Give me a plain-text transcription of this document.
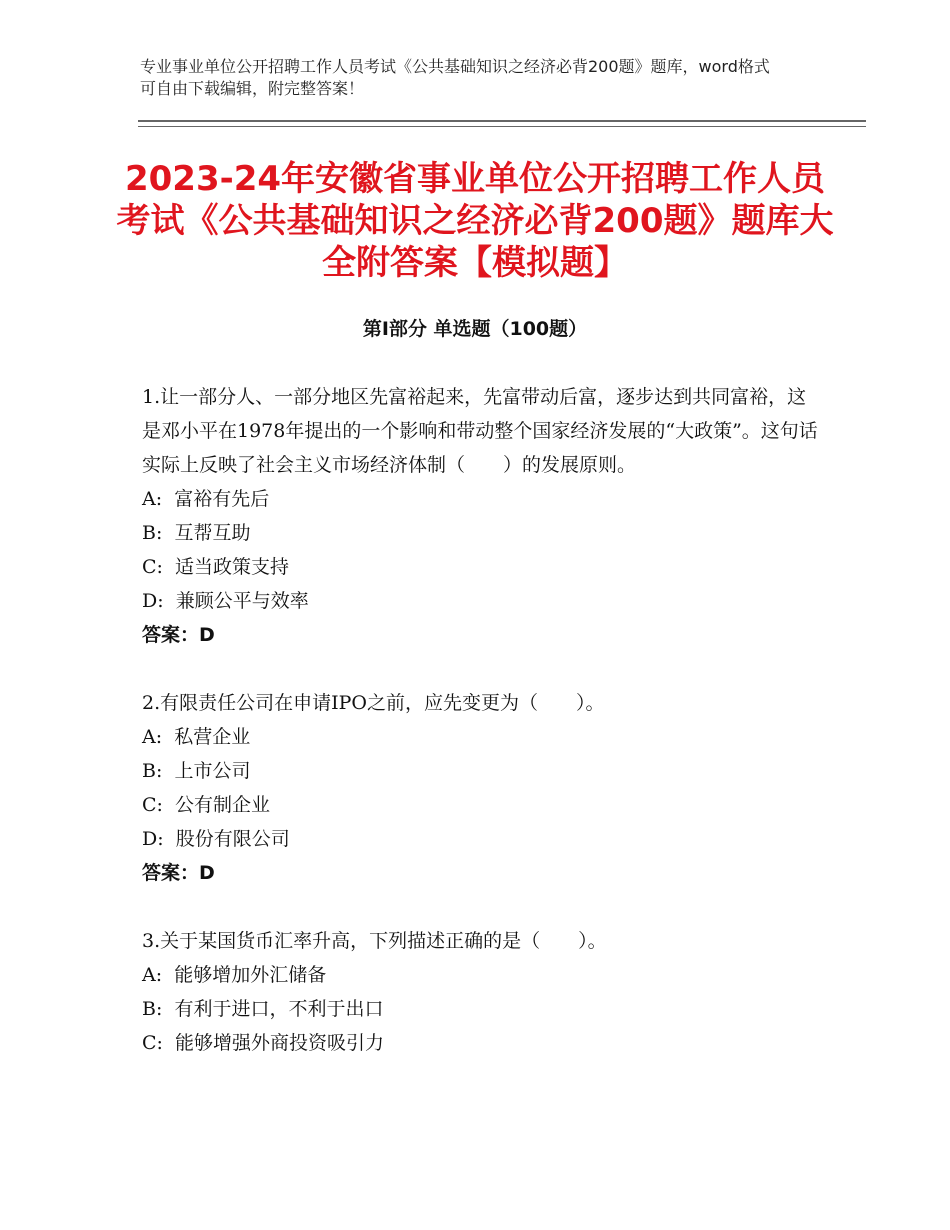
专业事业单位公开招聘工作人员考试《公共基础知识之经济必背200题》题库，word格式可自由下载编辑，附完整答案！
2023-24年安徽省事业单位公开招聘工作人员考试《公共基础知识之经济必背200题》题库大全附答案【模拟题】
第Ⅰ部分 单选题（100题）
1.让一部分人、一部分地区先富裕起来，先富带动后富，逐步达到共同富裕，这是邓小平在1978年提出的一个影响和带动整个国家经济发展的“大政策”。这句话实际上反映了社会主义市场经济体制（　　）的发展原则。
A:  富裕有先后
B:  互帮互助
C:  适当政策支持
D:  兼顾公平与效率
答案：D
2.有限责任公司在申请IPO之前，应先变更为（　　）。
A:  私营企业
B:  上市公司
C:  公有制企业
D:  股份有限公司
答案：D
3.关于某国货币汇率升高，下列描述正确的是（　　）。
A:  能够增加外汇储备
B:  有利于进口，不利于出口
C:  能够增强外商投资吸引力
